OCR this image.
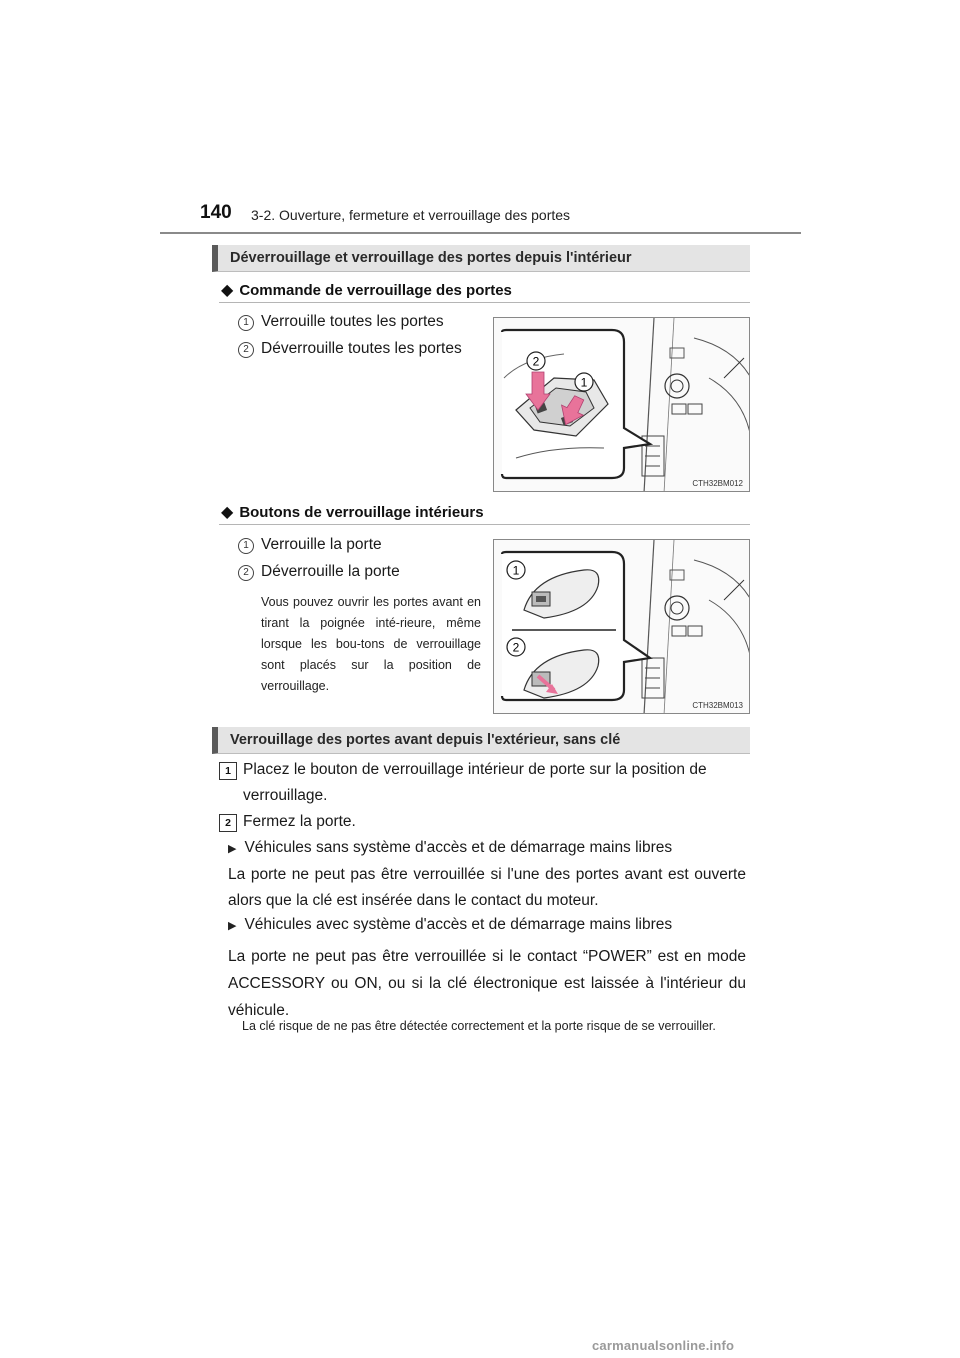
140 3-2. Ouverture, fermeture et verrouillage des portes
Déverrouillage et verrouillage des portes depuis l'intérieur
◆ Commande de verrouillage des portes
1 Verrouille toutes les portes
2 Déverrouille toutes les portes
2
1
CTH32BM012
◆ Boutons de verrouillage intérieurs
1 Verrouille la porte
2 Déverrouille la porte
Vous pouvez ouvrir les portes avant en tirant la poignée inté-rieure, même lorsque les bou-tons de verrouillage sont placés sur la position de verrouillage.
1
2
CTH32BM013
Verrouillage des portes avant depuis l'extérieur, sans clé
1 Placez le bouton de verrouillage intérieur de porte sur la position de verrouillage.
2 Fermez la porte.
▶ Véhicules sans système d'accès et de démarrage mains libres
La porte ne peut pas être verrouillée si l'une des portes avant est ouverte alors que la clé est insérée dans le contact du moteur.
▶ Véhicules avec système d'accès et de démarrage mains libres
La porte ne peut pas être verrouillée si le contact “POWER” est en mode ACCESSORY ou ON, ou si la clé électronique est laissée à l'intérieur du véhicule.
La clé risque de ne pas être détectée correctement et la porte risque de se verrouiller.
carmanualsonline.info
